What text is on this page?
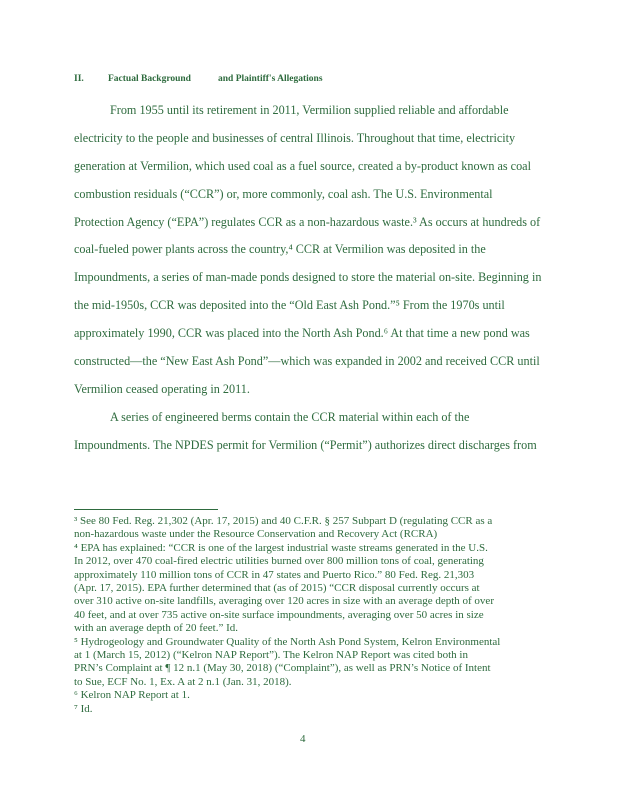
II.	Factual Background	and Plaintiff's Allegations
From 1955 until its retirement in 2011, Vermilion supplied reliable and affordable
electricity to the people and businesses of central Illinois. Throughout that time, electricity
generation at Vermilion, which used coal as a fuel source, created a by-product known as coal
combustion residuals (“CCR”) or, more commonly, coal ash. The U.S. Environmental
Protection Agency (“EPA”) regulates CCR as a non-hazardous waste.³ As occurs at hundreds of
coal-fueled power plants across the country,⁴ CCR at Vermilion was deposited in the
Impoundments, a series of man-made ponds designed to store the material on-site. Beginning in
the mid-1950s, CCR was deposited into the “Old East Ash Pond.”⁵ From the 1970s until
approximately 1990, CCR was placed into the North Ash Pond.⁶ At that time a new pond was
constructed—the “New East Ash Pond”—which was expanded in 2002 and received CCR until
Vermilion ceased operating in 2011.
A series of engineered berms contain the CCR material within each of the
Impoundments. The NPDES permit for Vermilion (“Permit”) authorizes direct discharges from
³ See 80 Fed. Reg. 21,302 (Apr. 17, 2015) and 40 C.F.R. § 257 Subpart D (regulating CCR as a
non-hazardous waste under the Resource Conservation and Recovery Act (RCRA)
⁴ EPA has explained: “CCR is one of the largest industrial waste streams generated in the U.S.
In 2012, over 470 coal-fired electric utilities burned over 800 million tons of coal, generating
approximately 110 million tons of CCR in 47 states and Puerto Rico.” 80 Fed. Reg. 21,303
(Apr. 17, 2015). EPA further determined that (as of 2015) “CCR disposal currently occurs at
over 310 active on-site landfills, averaging over 120 acres in size with an average depth of over
40 feet, and at over 735 active on-site surface impoundments, averaging over 50 acres in size
with an average depth of 20 feet.” Id.
⁵ Hydrogeology and Groundwater Quality of the North Ash Pond System, Kelron Environmental
at 1 (March 15, 2012) (“Kelron NAP Report”). The Kelron NAP Report was cited both in
PRN’s Complaint at ¶ 12 n.1 (May 30, 2018) (“Complaint”), as well as PRN’s Notice of Intent
to Sue, ECF No. 1, Ex. A at 2 n.1 (Jan. 31, 2018).
⁶ Kelron NAP Report at 1.
⁷ Id.
4
